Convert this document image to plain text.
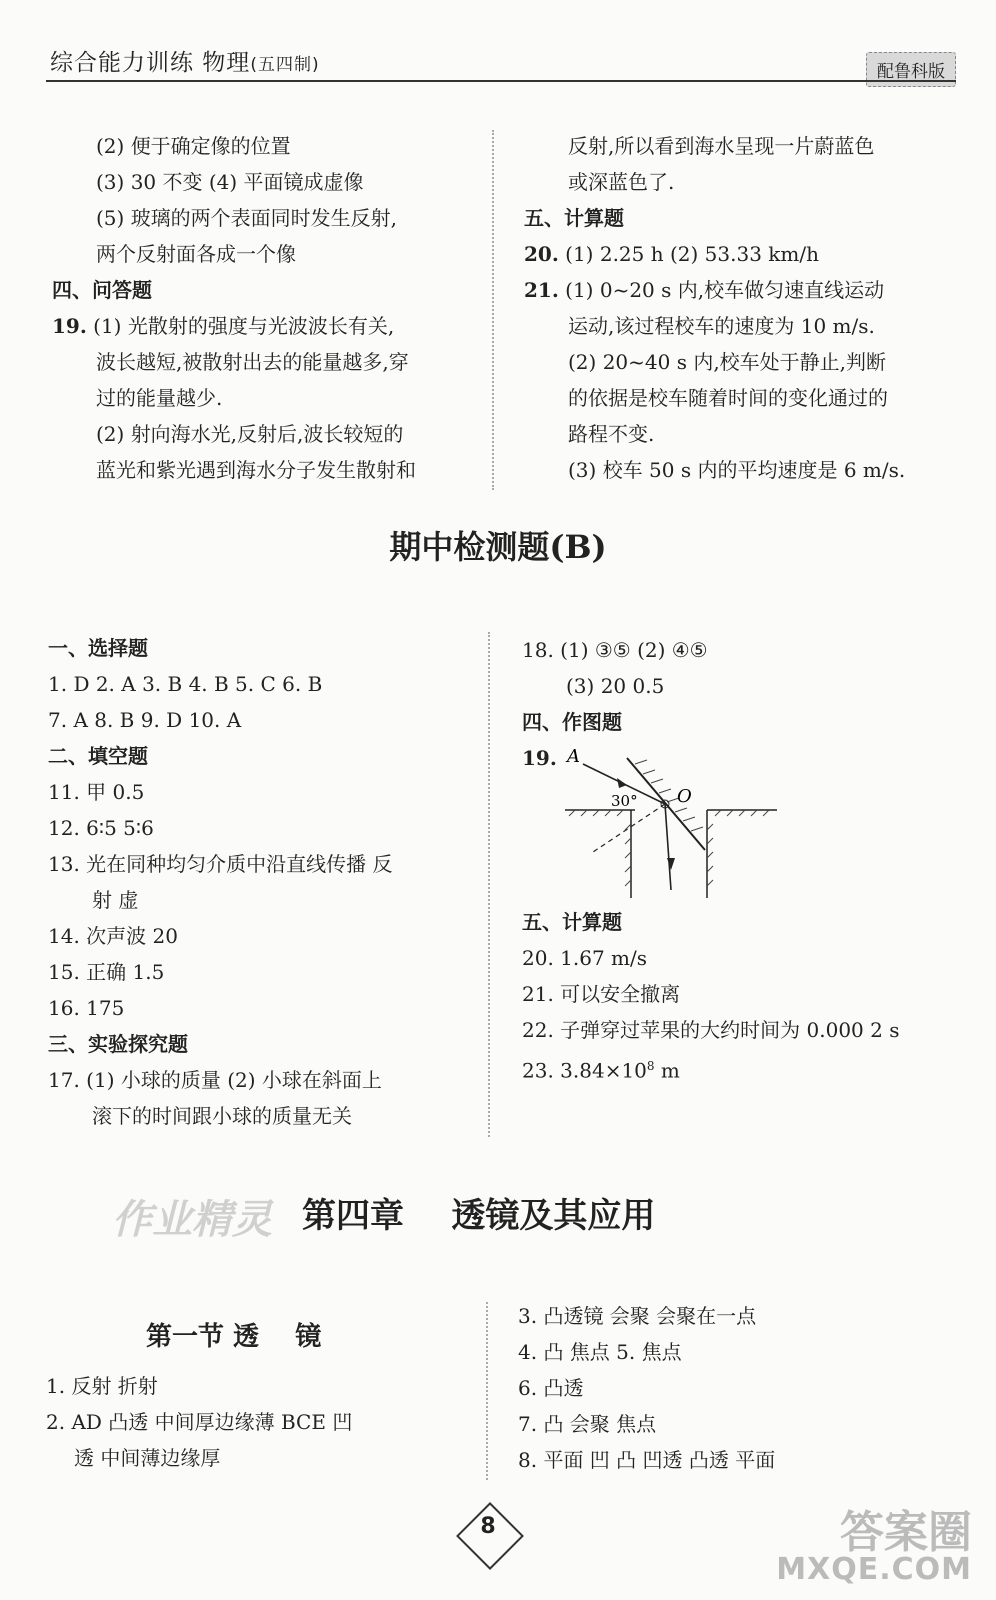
综合能力训练 物理(五四制)	配鲁科版
(2) 便于确定像的位置
(3) 30 不变 (4) 平面镜成虚像
(5) 玻璃的两个表面同时发生反射,
两个反射面各成一个像
四、问答题
19. (1) 光散射的强度与光波波长有关,
波长越短,被散射出去的能量越多,穿
过的能量越少.
(2) 射向海水光,反射后,波长较短的
蓝光和紫光遇到海水分子发生散射和
反射,所以看到海水呈现一片蔚蓝色
或深蓝色了.
五、计算题
20. (1) 2.25 h (2) 53.33 km/h
21. (1) 0~20 s 内,校车做匀速直线运动
运动,该过程校车的速度为 10 m/s.
(2) 20~40 s 内,校车处于静止,判断
的依据是校车随着时间的变化通过的
路程不变.
(3) 校车 50 s 内的平均速度是 6 m/s.
期中检测题(B)
一、选择题
1. D 2. A 3. B 4. B 5. C 6. B
7. A 8. B 9. D 10. A
二、填空题
11. 甲 0.5
12. 6∶5 5∶6
13. 光在同种均匀介质中沿直线传播 反
射 虚
14. 次声波 20
15. 正确 1.5
16. 175
三、实验探究题
17. (1) 小球的质量 (2) 小球在斜面上
滚下的时间跟小球的质量无关
18. (1) ③⑤ (2) ④⑤
(3) 20 0.5
四、作图题
19. A
30° O
五、计算题
20. 1.67 m/s
21. 可以安全撤离
22. 子弹穿过苹果的大约时间为 0.000 2 s
23. $3.84\times 10^8$ m
作业精灵 第四章    透镜及其应用
第一节 透    镜
1. 反射 折射
2. AD 凸透 中间厚边缘薄 BCE 凹
透 中间薄边缘厚
3. 凸透镜 会聚 会聚在一点
4. 凸 焦点 5. 焦点
6. 凸透
7. 凸 会聚 焦点
8. 平面 凹 凸 凹透 凸透 平面
8	答案圈
MXQE.COM
